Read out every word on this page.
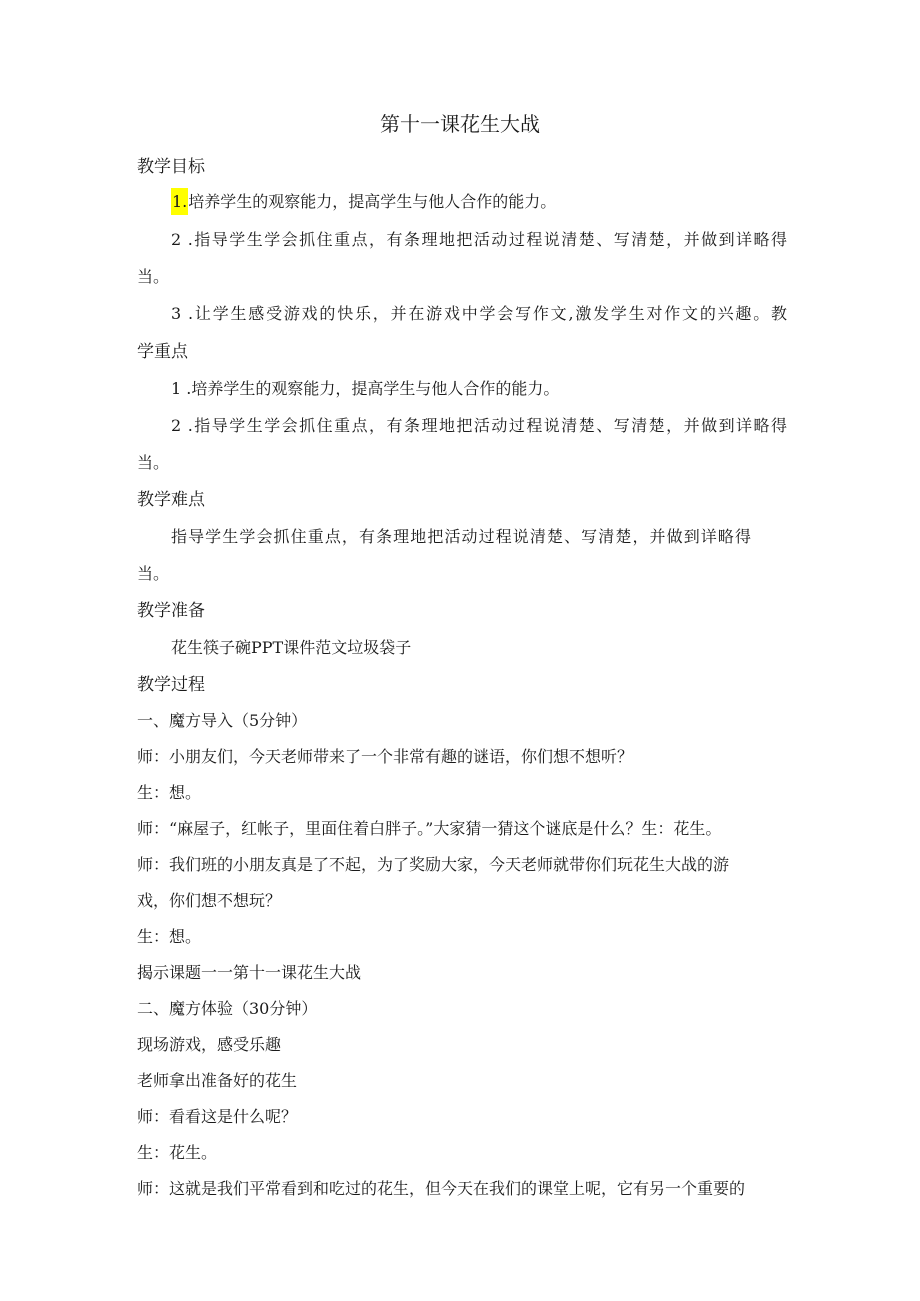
第十一课花生大战
教学目标
1.培养学生的观察能力，提高学生与他人合作的能力。
2 .指导学生学会抓住重点，有条理地把活动过程说清楚、写清楚，并做到详略得
当。
3 .让学生感受游戏的快乐，并在游戏中学会写作文,激发学生对作文的兴趣。教
学重点
1 .培养学生的观察能力，提高学生与他人合作的能力。
2 .指导学生学会抓住重点，有条理地把活动过程说清楚、写清楚，并做到详略得
当。
教学难点
指导学生学会抓住重点，有条理地把活动过程说清楚、写清楚，并做到详略得
当。
教学准备
花生筷子碗PPT课件范文垃圾袋子
教学过程
一、魔方导入（5分钟）
师：小朋友们，今天老师带来了一个非常有趣的谜语，你们想不想听？
生：想。
师：“麻屋子，红帐子，里面住着白胖子。”大家猜一猜这个谜底是什么？生：花生。
师：我们班的小朋友真是了不起，为了奖励大家，今天老师就带你们玩花生大战的游
戏，你们想不想玩？
生：想。
揭示课题一一第十一课花生大战
二、魔方体验（30分钟）
现场游戏，感受乐趣
老师拿出准备好的花生
师：看看这是什么呢？
生：花生。
师：这就是我们平常看到和吃过的花生，但今天在我们的课堂上呢，它有另一个重要的
